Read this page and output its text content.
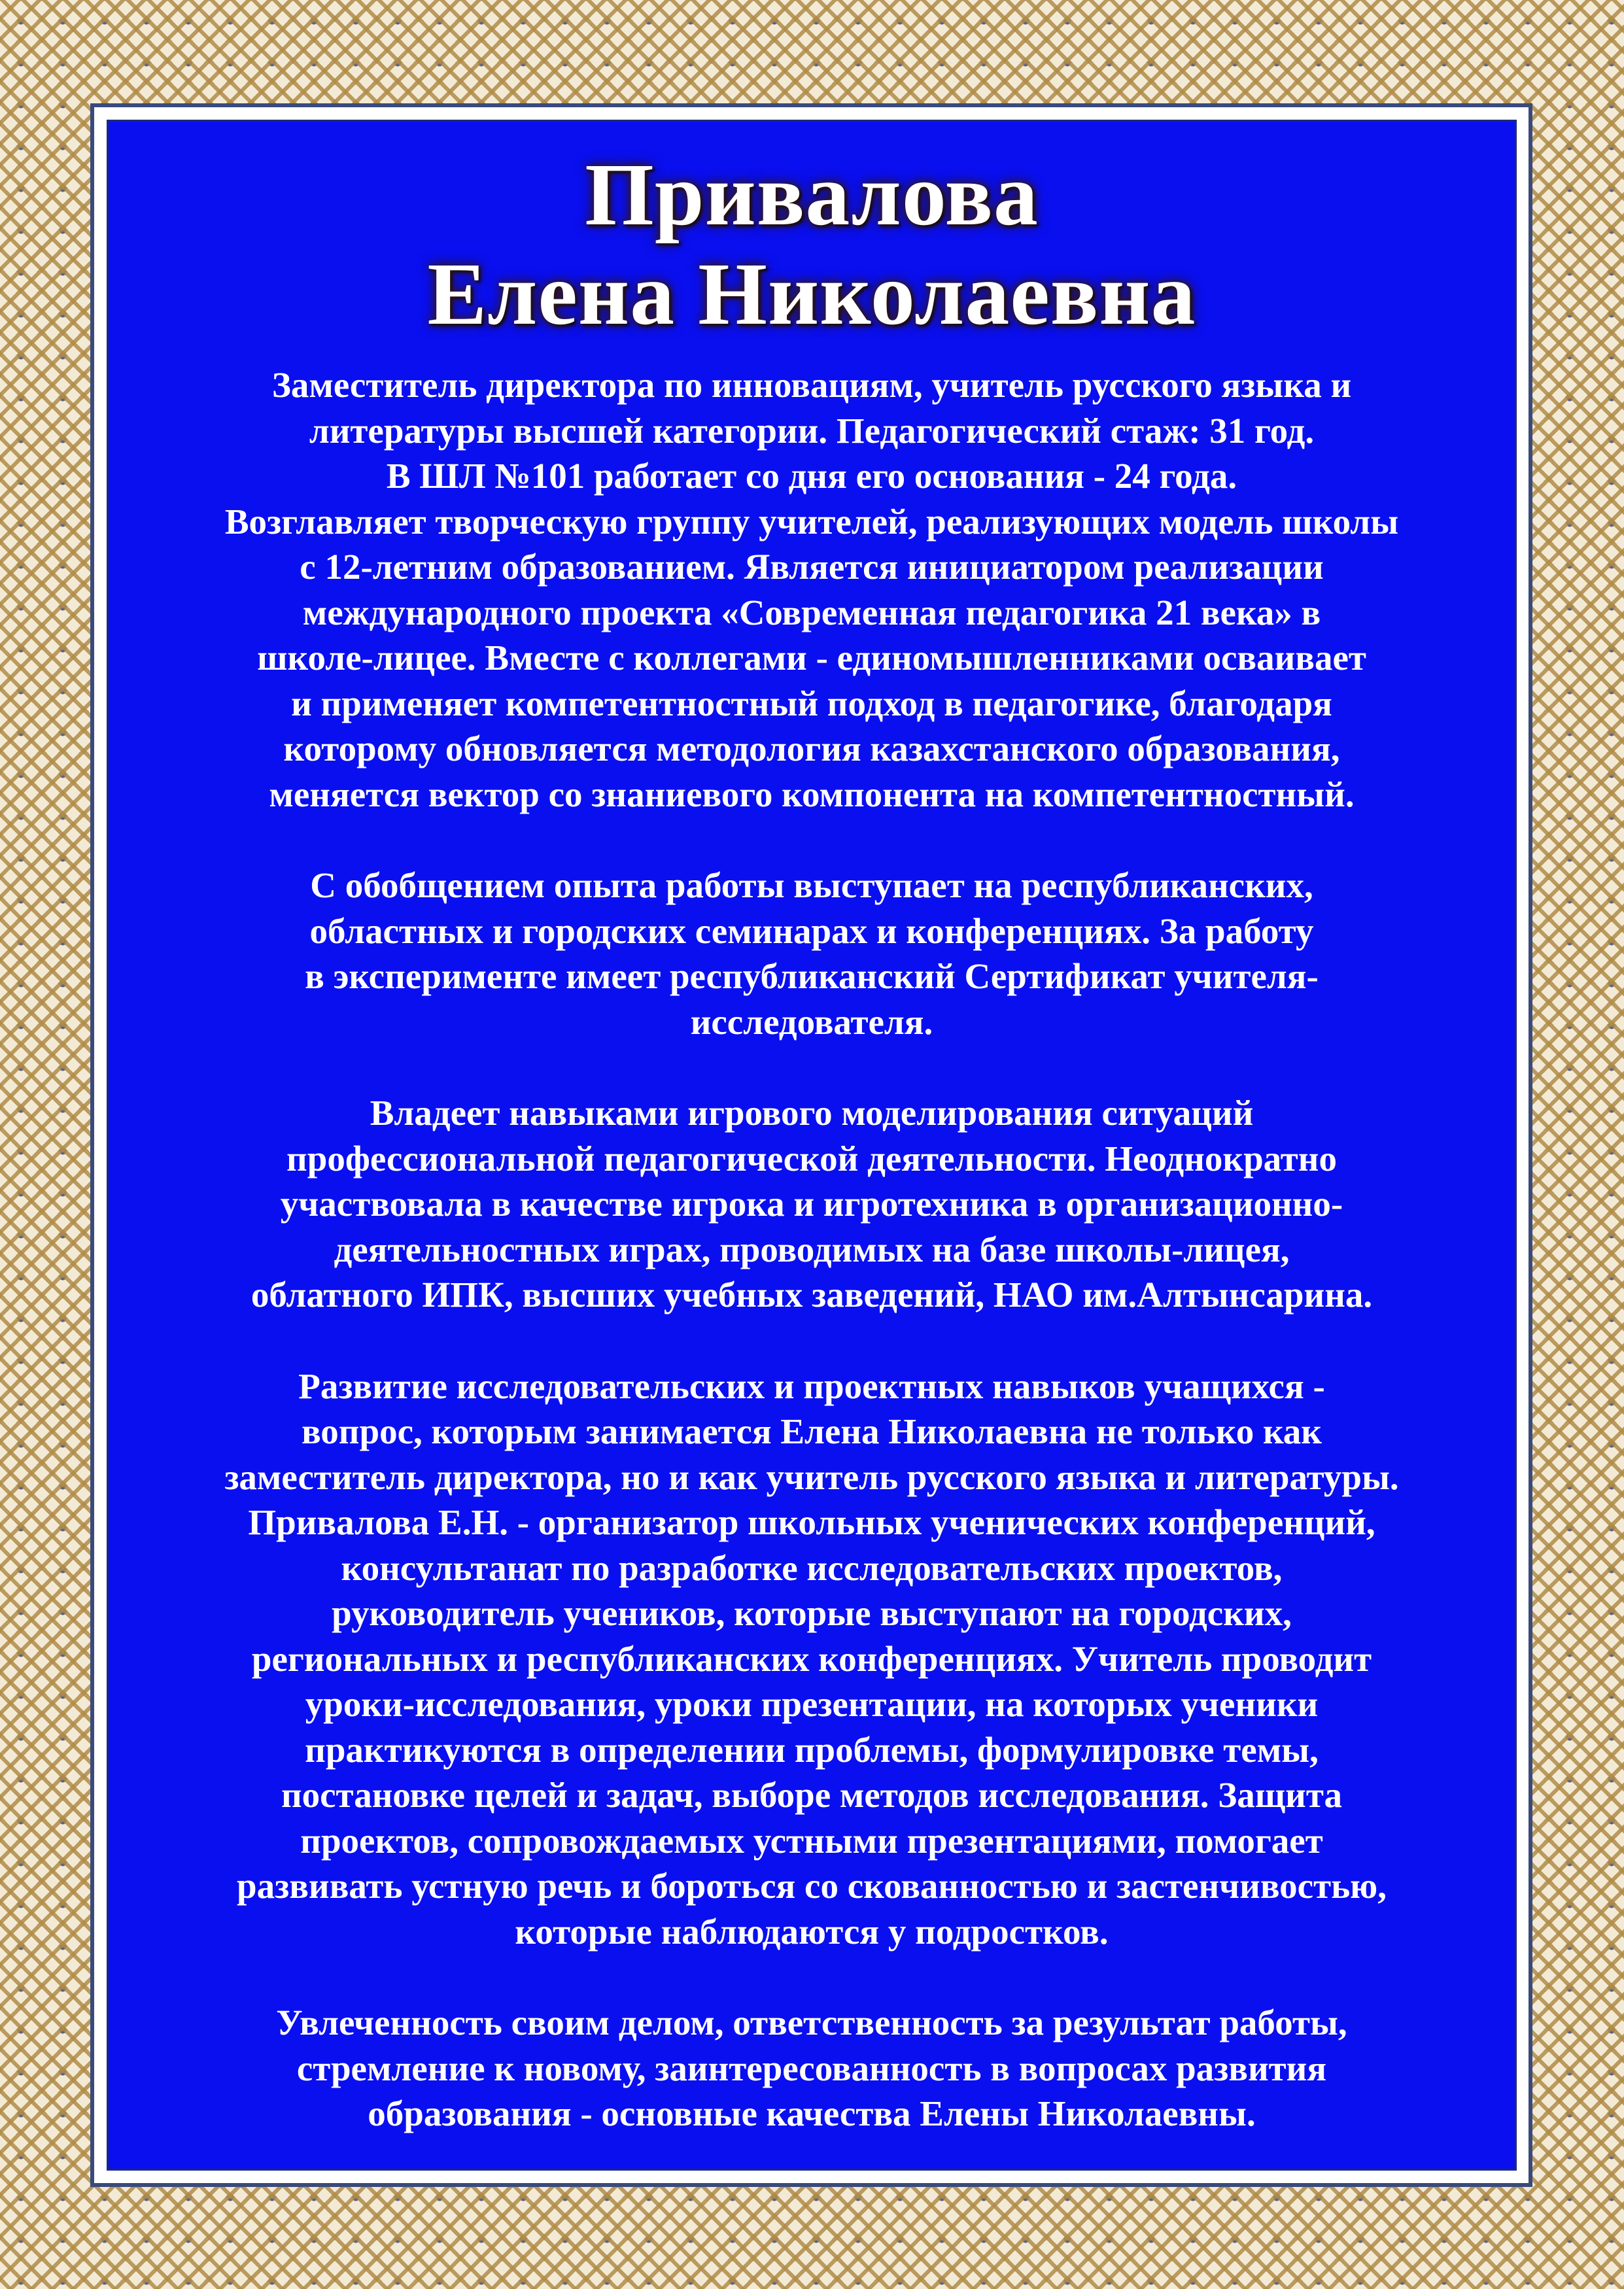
Привалова
Елена Николаевна
Заместитель директора по инновациям, учитель русского языка и
литературы высшей категории. Педагогический стаж: 31 год.
В ШЛ №101 работает со дня его основания - 24 года.
Возглавляет творческую группу учителей, реализующих модель школы
с 12-летним образованием. Является инициатором реализации
международного проекта «Современная педагогика 21 века» в
школе-лицее. Вместе с коллегами - единомышленниками осваивает
и применяет компетентностный подход в педагогике, благодаря
которому обновляется методология казахстанского образования,
меняется вектор со знаниевого компонента на компетентностный.
С обобщением опыта работы выступает на республиканских,
областных и городских семинарах и конференциях. За работу
в эксперименте имеет республиканский Сертификат учителя-
исследователя.
Владеет навыками игрового моделирования ситуаций
профессиональной педагогической деятельности. Неоднократно
участвовала в качестве игрока и игротехника в организационно-
деятельностных играх, проводимых на базе школы-лицея,
облатного ИПК, высших учебных заведений, НАО им.Алтынсарина.
Развитие исследовательских и проектных навыков учащихся -
вопрос, которым занимается Елена Николаевна не только как
заместитель директора, но и как учитель русского языка и литературы.
Привалова Е.Н. - организатор школьных ученических конференций,
консультанат по разработке исследовательских проектов,
руководитель учеников, которые выступают на городских,
региональных и республиканских конференциях. Учитель проводит
уроки-исследования, уроки презентации, на которых ученики
практикуются в определении проблемы, формулировке темы,
постановке целей и задач, выборе методов исследования. Защита
проектов, сопровождаемых устными презентациями, помогает
развивать устную речь и бороться со скованностью и застенчивостью,
которые наблюдаются у подростков.
Увлеченность своим делом, ответственность за результат работы,
стремление к новому, заинтересованность в вопросах развития
образования - основные качества Елены Николаевны.
